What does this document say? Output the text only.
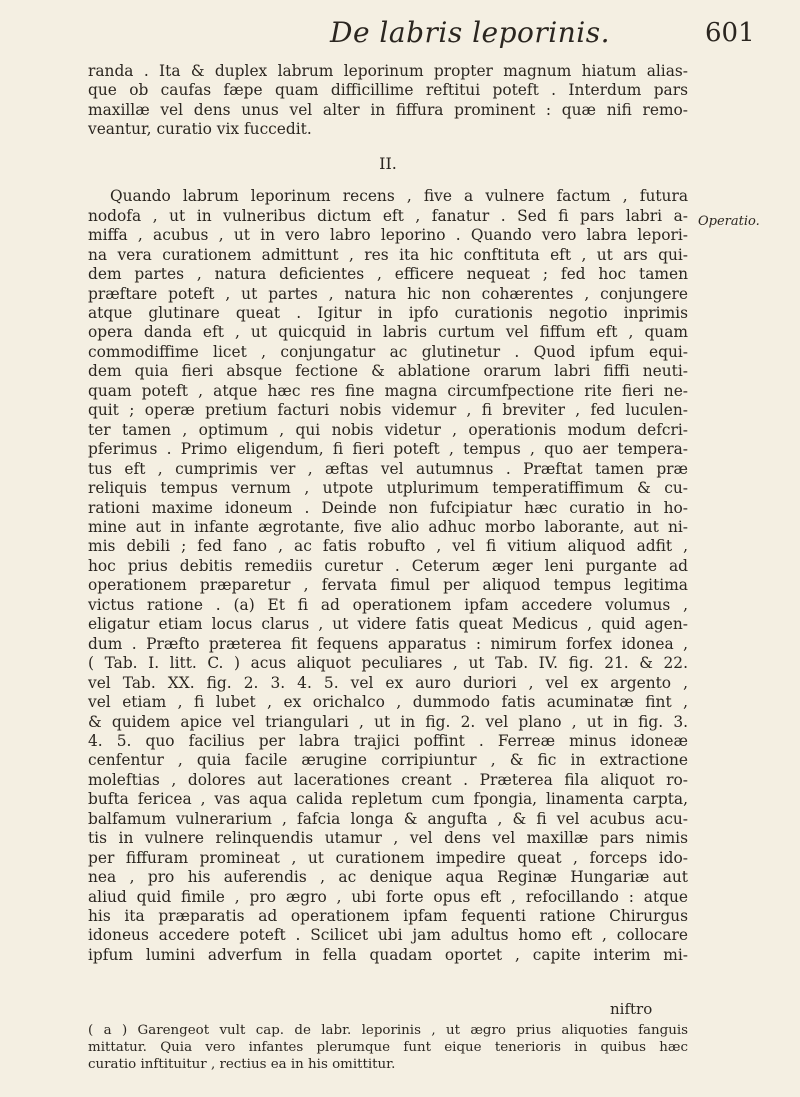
De labris leporinis.	601
randa . Ita & duplex labrum leporinum propter magnum hiatum alias-
que ob caufas fæpe quam difficillime reftitui poteft . Interdum pars
maxillæ vel dens unus vel alter in fiffura prominent : quæ nifi remo-
veantur, curatio vix fuccedit.
II.
Quando labrum leporinum recens , five a vulnere factum , futura
nodofa , ut in vulneribus dictum eft , fanatur . Sed fi pars labri a-
miffa , acubus , ut in vero labro leporino . Quando vero labra lepori-
na vera curationem admittunt , res ita hic conftituta eft , ut ars qui-
dem partes , natura deficientes , efficere nequeat ; fed hoc tamen
præftare poteft , ut partes , natura hic non cohærentes , conjungere
atque glutinare queat . Igitur in ipfo curationis negotio inprimis
opera danda eft , ut quicquid in labris curtum vel fiffum eft , quam
commodiffime licet , conjungatur ac glutinetur . Quod ipfum equi-
dem quia fieri absque fectione & ablatione orarum labri fiffi neuti-
quam poteft , atque hæc res fine magna circumfpectione rite fieri ne-
quit ; operæ pretium facturi nobis videmur , fi breviter , fed luculen-
ter tamen , optimum , qui nobis videtur , operationis modum defcri-
pferimus . Primo eligendum, fi fieri poteft , tempus , quo aer tempera-
tus eft , cumprimis ver , æftas vel autumnus . Præftat tamen præ
reliquis tempus vernum , utpote utplurimum temperatiffimum & cu-
rationi maxime idoneum . Deinde non fufcipiatur hæc curatio in ho-
mine aut in infante ægrotante, five alio adhuc morbo laborante, aut ni-
mis debili ; fed fano , ac fatis robufto , vel fi vitium aliquod adfit ,
hoc prius debitis remediis curetur . Ceterum æger leni purgante ad
operationem præparetur , fervata fimul per aliquod tempus legitima
victus ratione . (a) Et fi ad operationem ipfam accedere volumus ,
eligatur etiam locus clarus , ut videre fatis queat Medicus , quid agen-
dum . Præfto præterea fit fequens apparatus : nimirum forfex idonea ,
( Tab. I. litt. C. ) acus aliquot peculiares , ut Tab. IV. fig. 21. & 22.
vel Tab. XX. fig. 2. 3. 4. 5. vel ex auro duriori , vel ex argento ,
vel etiam , fi lubet , ex orichalco , dummodo fatis acuminatæ fint ,
& quidem apice vel triangulari , ut in fig. 2. vel plano , ut in fig. 3.
4. 5. quo facilius per labra trajici poffint . Ferreæ minus idoneæ
cenfentur , quia facile ærugine corripiuntur , & fic in extractione
moleftias , dolores aut lacerationes creant . Præterea fila aliquot ro-
bufta fericea , vas aqua calida repletum cum fpongia, linamenta carpta,
balfamum vulnerarium , fafcia longa & angufta , & fi vel acubus acu-
tis in vulnere relinquendis utamur , vel dens vel maxillæ pars nimis
per fiffuram promineat , ut curationem impedire queat , forceps ido-
nea , pro his auferendis , ac denique aqua Reginæ Hungariæ aut
aliud quid fimile , pro ægro , ubi forte opus eft , refocillando : atque
his ita præparatis ad operationem ipfam fequenti ratione Chirurgus
idoneus accedere poteft . Scilicet ubi jam adultus homo eft , collocare
ipfum lumini adverfum in fella quadam oportet , capite interim mi-
Operatio.
niftro
( a ) Garengeot vult cap. de labr. leporinis , ut ægro prius aliquoties fanguis
mittatur. Quia vero infantes plerumque funt eique tenerioris in quibus hæc
curatio inftituitur , rectius ea in his omittitur.
